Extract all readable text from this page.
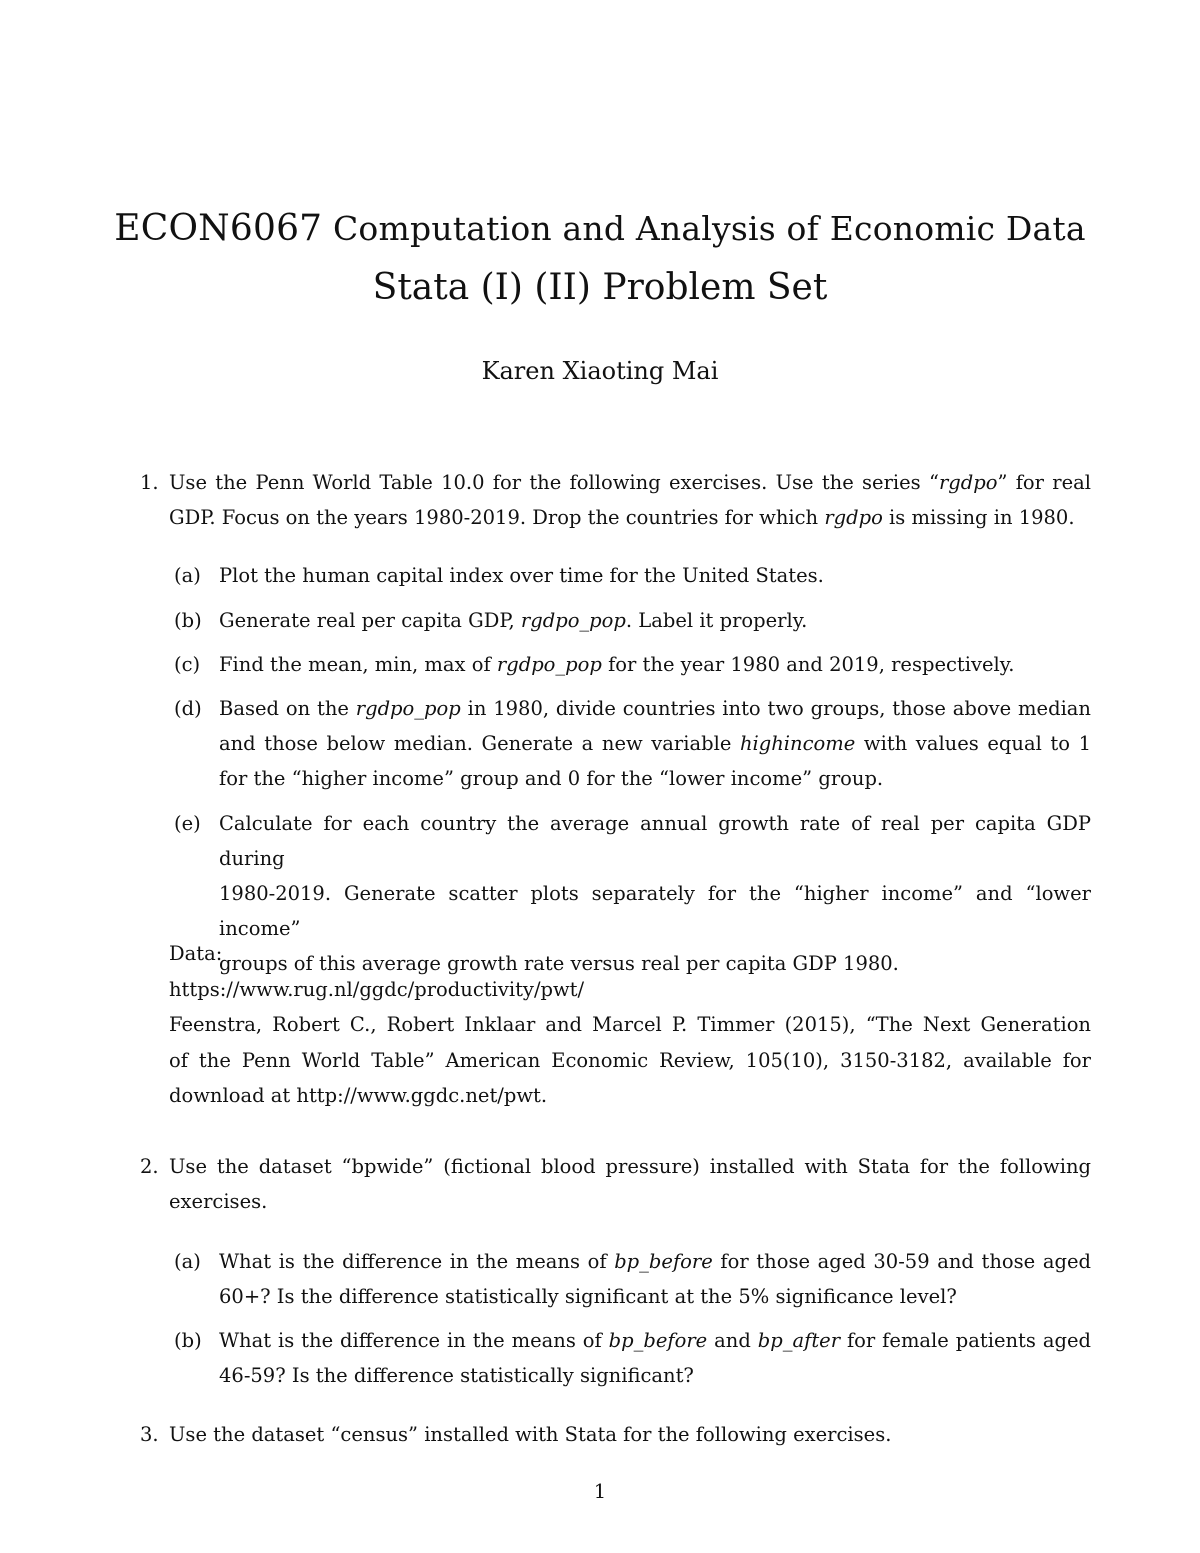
ECON6067 Computation and Analysis of Economic Data
Stata (I) (II) Problem Set
Karen Xiaoting Mai
1. Use the Penn World Table 10.0 for the following exercises. Use the series “rgdpo” for real
GDP. Focus on the years 1980-2019. Drop the countries for which rgdpo is missing in 1980.
(a) Plot the human capital index over time for the United States.
(b) Generate real per capita GDP, rgdpo_pop. Label it properly.
(c) Find the mean, min, max of rgdpo_pop for the year 1980 and 2019, respectively.
(d) Based on the rgdpo_pop in 1980, divide countries into two groups, those above median
and those below median. Generate a new variable highincome with values equal to 1
for the “higher income” group and 0 for the “lower income” group.
(e) Calculate for each country the average annual growth rate of real per capita GDP during
1980-2019. Generate scatter plots separately for the “higher income” and “lower income”
groups of this average growth rate versus real per capita GDP 1980.
Data:
https://www.rug.nl/ggdc/productivity/pwt/
Feenstra, Robert C., Robert Inklaar and Marcel P. Timmer (2015), “The Next Generation
of the Penn World Table” American Economic Review, 105(10), 3150-3182, available for
download at http://www.ggdc.net/pwt.
2. Use the dataset “bpwide” (fictional blood pressure) installed with Stata for the following
exercises.
(a) What is the difference in the means of bp_before for those aged 30-59 and those aged
60+? Is the difference statistically significant at the 5% significance level?
(b) What is the difference in the means of bp_before and bp_after for female patients aged
46-59? Is the difference statistically significant?
3. Use the dataset “census” installed with Stata for the following exercises.
1
